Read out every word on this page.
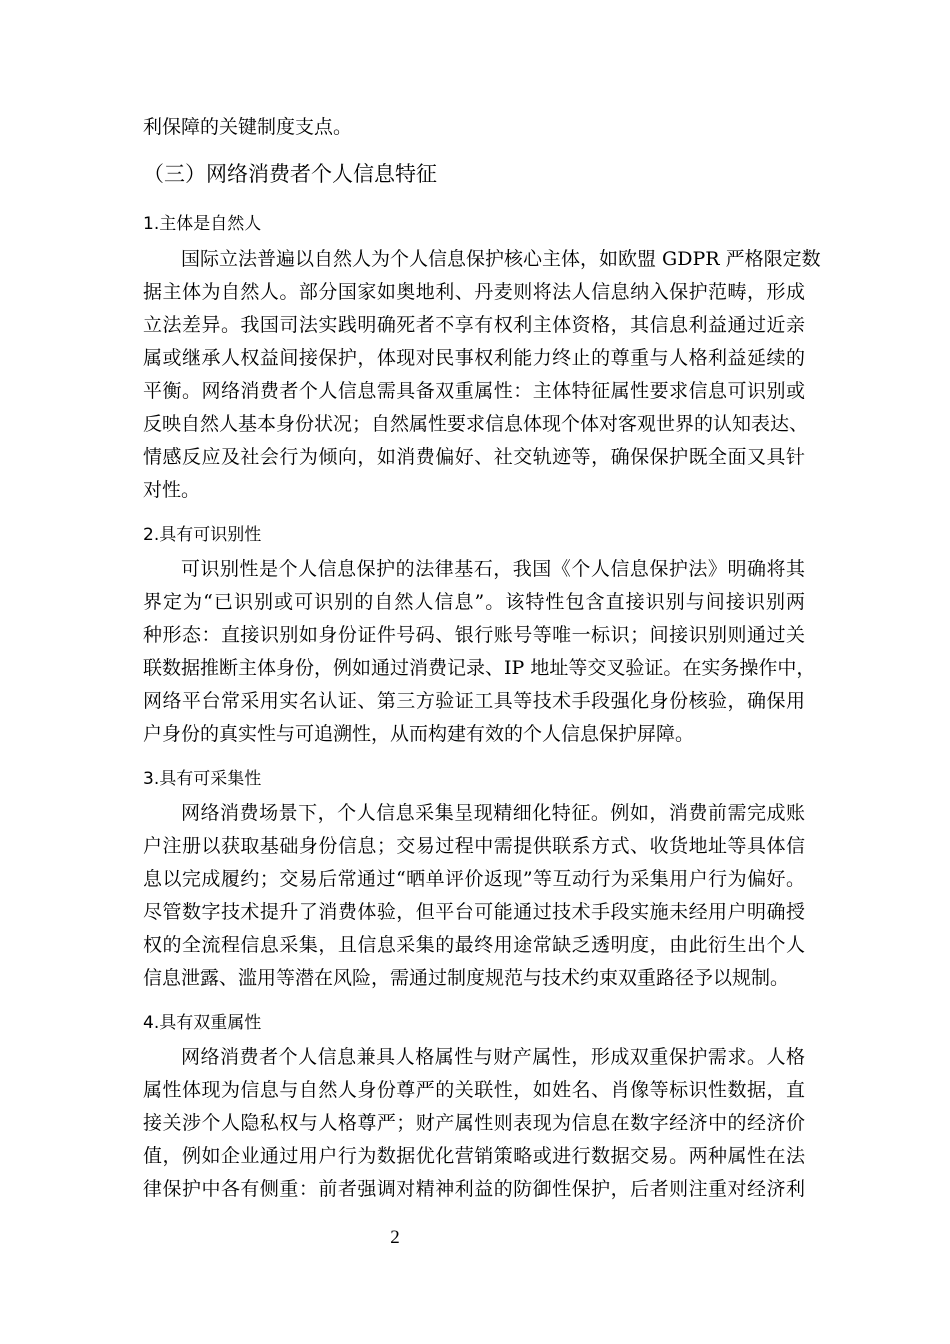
利保障的关键制度支点。
（三）网络消费者个人信息特征
1.主体是自然人
国际立法普遍以自然人为个人信息保护核心主体，如欧盟 GDPR 严格限定数
据主体为自然人。部分国家如奥地利、丹麦则将法人信息纳入保护范畴，形成
立法差异。我国司法实践明确死者不享有权利主体资格，其信息利益通过近亲
属或继承人权益间接保护，体现对民事权利能力终止的尊重与人格利益延续的
平衡。网络消费者个人信息需具备双重属性：主体特征属性要求信息可识别或
反映自然人基本身份状况；自然属性要求信息体现个体对客观世界的认知表达、
情感反应及社会行为倾向，如消费偏好、社交轨迹等，确保保护既全面又具针
对性。
2.具有可识别性
可识别性是个人信息保护的法律基石，我国《个人信息保护法》明确将其
界定为“已识别或可识别的自然人信息”。该特性包含直接识别与间接识别两
种形态：直接识别如身份证件号码、银行账号等唯一标识；间接识别则通过关
联数据推断主体身份，例如通过消费记录、IP 地址等交叉验证。在实务操作中，
网络平台常采用实名认证、第三方验证工具等技术手段强化身份核验，确保用
户身份的真实性与可追溯性，从而构建有效的个人信息保护屏障。
3.具有可采集性
网络消费场景下，个人信息采集呈现精细化特征。例如，消费前需完成账
户注册以获取基础身份信息；交易过程中需提供联系方式、收货地址等具体信
息以完成履约；交易后常通过“晒单评价返现”等互动行为采集用户行为偏好。
尽管数字技术提升了消费体验，但平台可能通过技术手段实施未经用户明确授
权的全流程信息采集，且信息采集的最终用途常缺乏透明度，由此衍生出个人
信息泄露、滥用等潜在风险，需通过制度规范与技术约束双重路径予以规制。
4.具有双重属性
网络消费者个人信息兼具人格属性与财产属性，形成双重保护需求。人格
属性体现为信息与自然人身份尊严的关联性，如姓名、肖像等标识性数据，直
接关涉个人隐私权与人格尊严；财产属性则表现为信息在数字经济中的经济价
值，例如企业通过用户行为数据优化营销策略或进行数据交易。两种属性在法
律保护中各有侧重：前者强调对精神利益的防御性保护，后者则注重对经济利
2
